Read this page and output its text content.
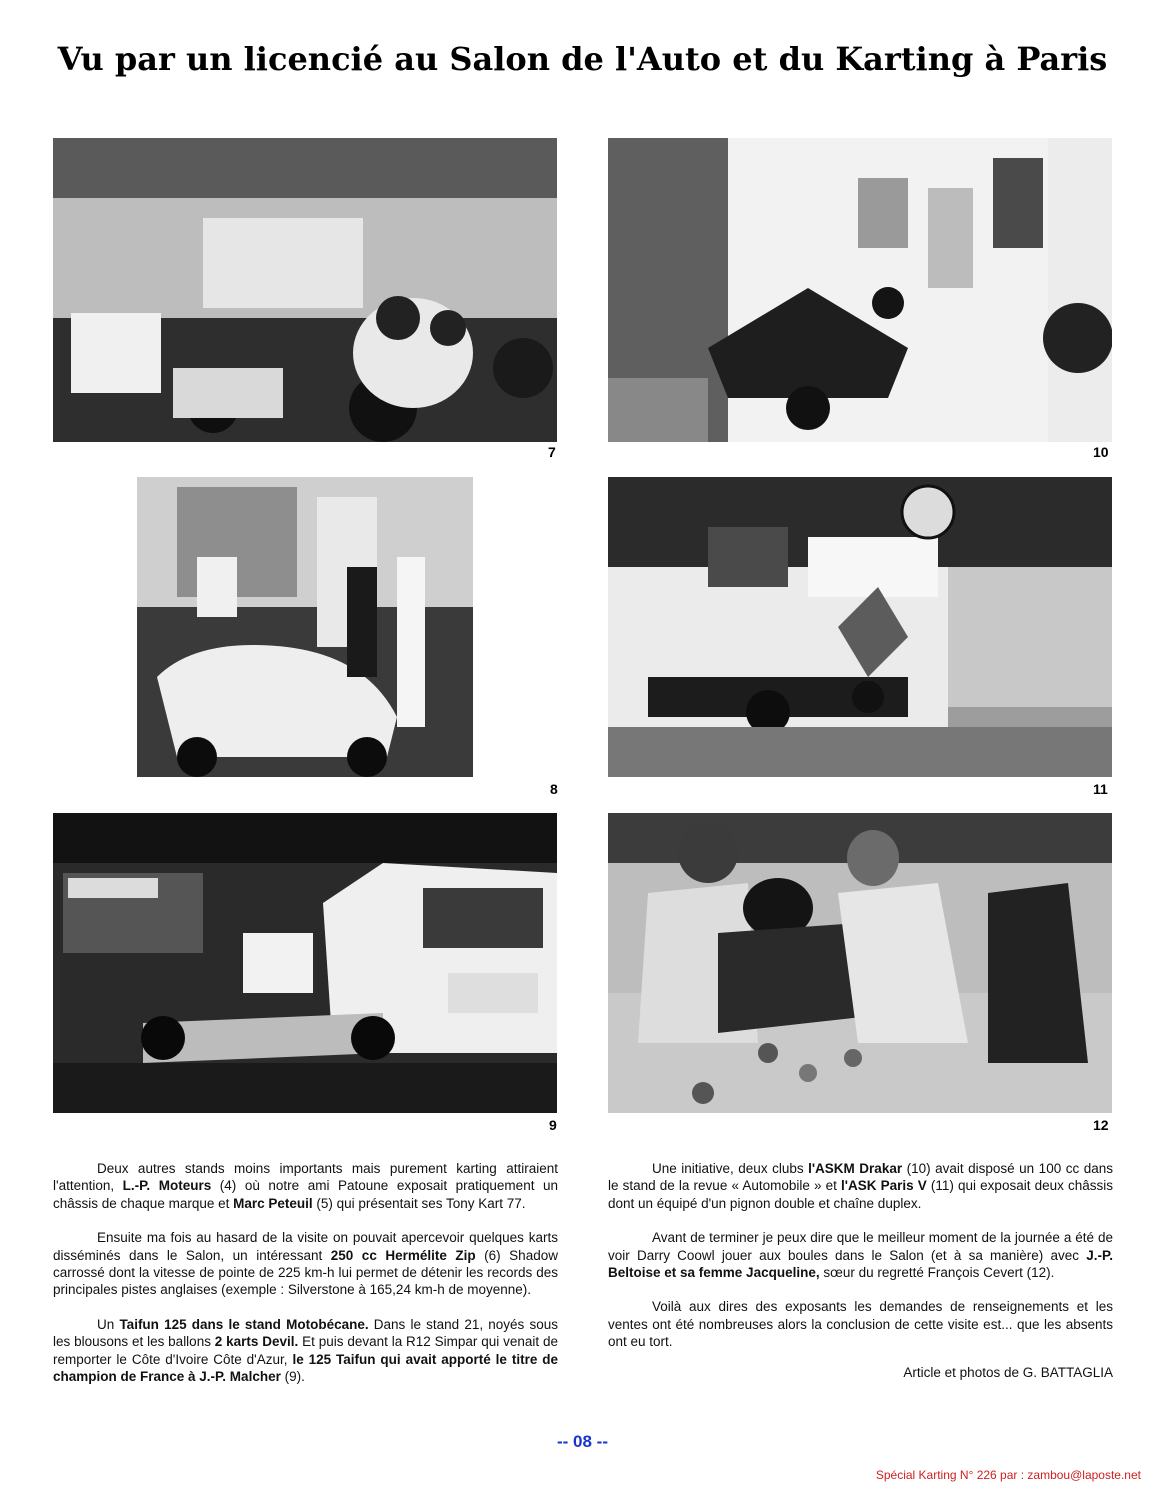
Vu par un licencié au Salon de l'Auto et du Karting à Paris
7	10
8	11
9	12

Deux autres stands moins importants mais purement karting attiraient l'attention, L.-P. Moteurs (4) où notre ami Patoune exposait pratiquement un châssis de chaque marque et Marc Peteuil (5) qui présentait ses Tony Kart 77.

Ensuite ma fois au hasard de la visite on pouvait apercevoir quelques karts disséminés dans le Salon, un intéressant 250 cc Hermélite Zip (6) Shadow carrossé dont la vitesse de pointe de 225 km-h lui permet de détenir les records des principales pistes anglaises (exemple : Silverstone à 165,24 km-h de moyenne).

Un Taifun 125 dans le stand Motobécane. Dans le stand 21, noyés sous les blousons et les ballons 2 karts Devil. Et puis devant la R12 Simpar qui venait de remporter le Côte d'Ivoire Côte d'Azur, le 125 Taifun qui avait apporté le titre de champion de France à J.-P. Malcher (9).

Une initiative, deux clubs l'ASKM Drakar (10) avait disposé un 100 cc dans le stand de la revue « Automobile » et l'ASK Paris V (11) qui exposait deux châssis dont un équipé d'un pignon double et chaîne duplex.

Avant de terminer je peux dire que le meilleur moment de la journée a été de voir Darry Coowl jouer aux boules dans le Salon (et à sa manière) avec J.-P. Beltoise et sa femme Jacqueline, sœur du regretté François Cevert (12).

Voilà aux dires des exposants les demandes de renseignements et les ventes ont été nombreuses alors la conclusion de cette visite est... que les absents ont eu tort.

Article et photos de G. BATTAGLIA
-- 08 --
Spécial Karting N° 226 par : zambou@laposte.net
